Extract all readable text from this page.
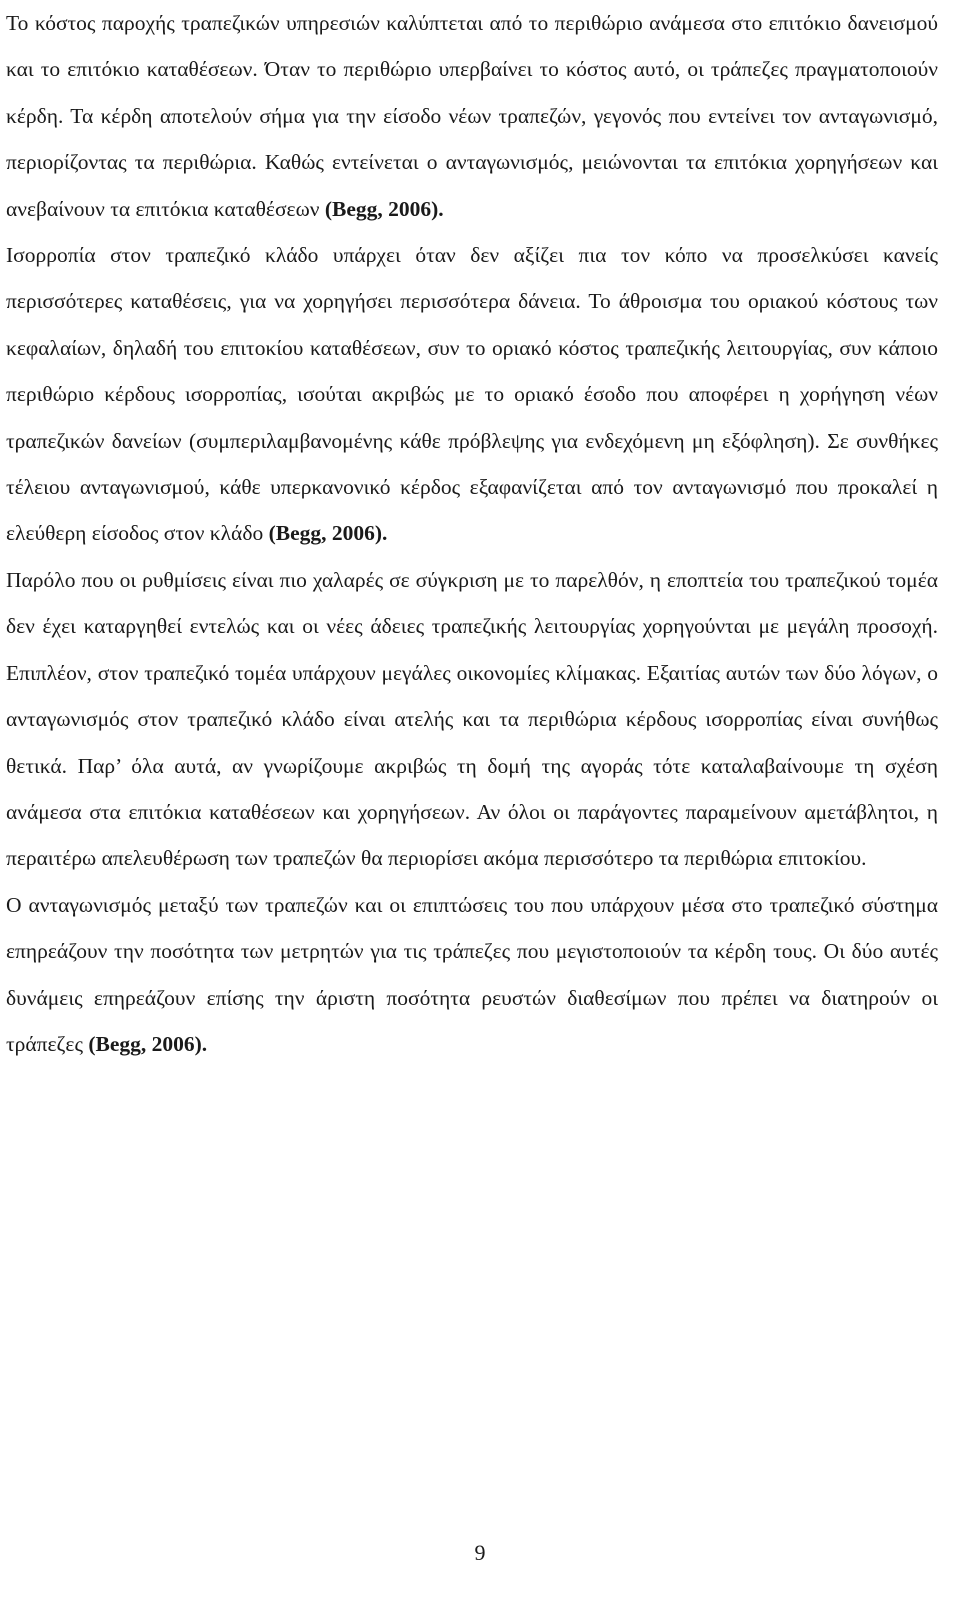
Το κόστος παροχής τραπεζικών υπηρεσιών καλύπτεται από το περιθώριο ανάμεσα στο επιτόκιο δανεισμού και το επιτόκιο καταθέσεων. Όταν το περιθώριο υπερβαίνει το κόστος αυτό, οι τράπεζες πραγματοποιούν κέρδη. Τα κέρδη αποτελούν σήμα για την είσοδο νέων τραπεζών, γεγονός που εντείνει τον ανταγωνισμό, περιορίζοντας τα περιθώρια. Καθώς εντείνεται ο ανταγωνισμός, μειώνονται τα επιτόκια χορηγήσεων και ανεβαίνουν τα επιτόκια καταθέσεων (Begg, 2006).

Ισορροπία στον τραπεζικό κλάδο υπάρχει όταν δεν αξίζει πια τον κόπο να προσελκύσει κανείς περισσότερες καταθέσεις, για να χορηγήσει περισσότερα δάνεια. Το άθροισμα του οριακού κόστους των κεφαλαίων, δηλαδή του επιτοκίου καταθέσεων, συν το οριακό κόστος τραπεζικής λειτουργίας, συν κάποιο περιθώριο κέρδους ισορροπίας, ισούται ακριβώς με το οριακό έσοδο που αποφέρει η χορήγηση νέων τραπεζικών δανείων (συμπεριλαμβανομένης κάθε πρόβλεψης για ενδεχόμενη μη εξόφληση). Σε συνθήκες τέλειου ανταγωνισμού, κάθε υπερκανονικό κέρδος εξαφανίζεται από τον ανταγωνισμό που προκαλεί η ελεύθερη είσοδος στον κλάδο (Begg, 2006).

Παρόλο που οι ρυθμίσεις είναι πιο χαλαρές σε σύγκριση με το παρελθόν, η εποπτεία του τραπεζικού τομέα δεν έχει καταργηθεί εντελώς και οι νέες άδειες τραπεζικής λειτουργίας χορηγούνται με μεγάλη προσοχή. Επιπλέον, στον τραπεζικό τομέα υπάρχουν μεγάλες οικονομίες κλίμακας. Εξαιτίας αυτών των δύο λόγων, ο ανταγωνισμός στον τραπεζικό κλάδο είναι ατελής και τα περιθώρια κέρδους ισορροπίας είναι συνήθως θετικά. Παρ’ όλα αυτά, αν γνωρίζουμε ακριβώς τη δομή της αγοράς τότε καταλαβαίνουμε τη σχέση ανάμεσα στα επιτόκια καταθέσεων και χορηγήσεων. Αν όλοι οι παράγοντες παραμείνουν αμετάβλητοι, η περαιτέρω απελευθέρωση των τραπεζών θα περιορίσει ακόμα περισσότερο τα περιθώρια επιτοκίου.

Ο ανταγωνισμός μεταξύ των τραπεζών και οι επιπτώσεις του που υπάρχουν μέσα στο τραπεζικό σύστημα επηρεάζουν την ποσότητα των μετρητών για τις τράπεζες που μεγιστοποιούν τα κέρδη τους. Οι δύο αυτές δυνάμεις επηρεάζουν επίσης την άριστη ποσότητα ρευστών διαθεσίμων που πρέπει να διατηρούν οι τράπεζες (Begg, 2006).

9
